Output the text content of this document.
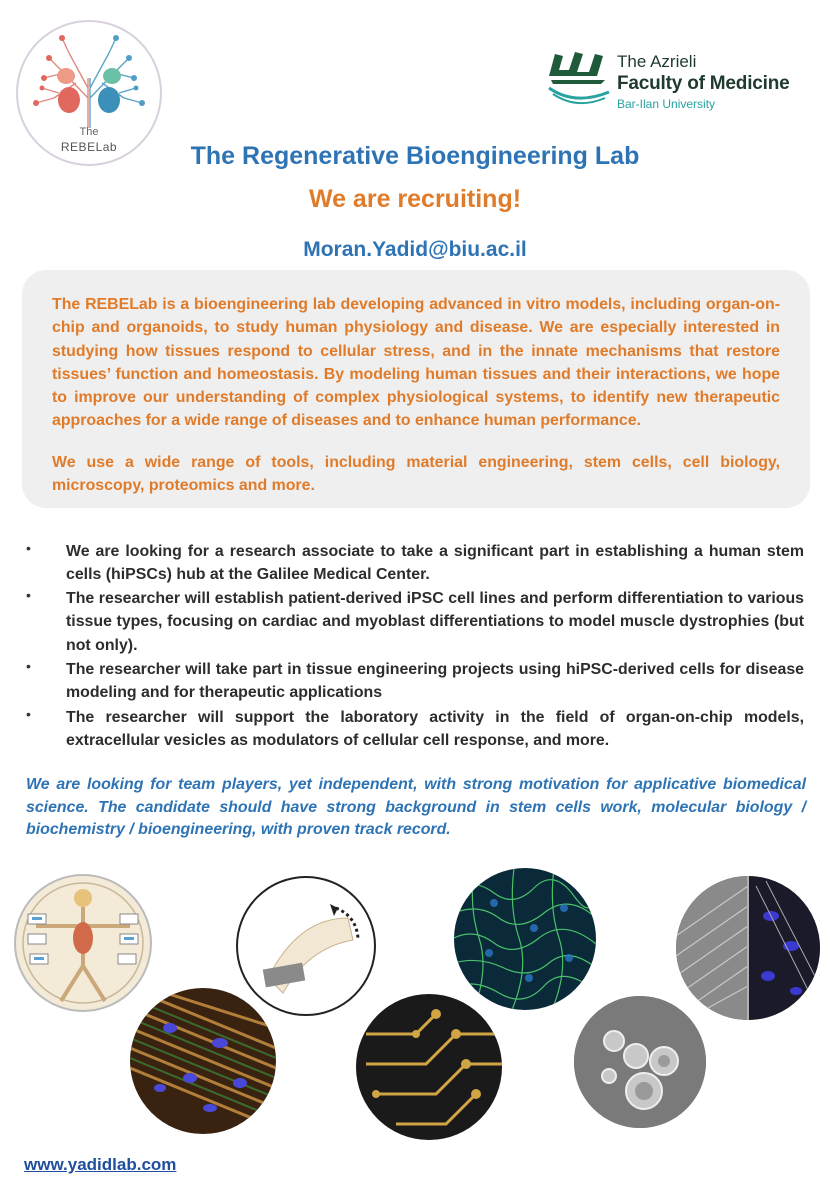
The
REBELab
The Azrieli
Faculty of Medicine
Bar-Ilan University
The Regenerative Bioengineering Lab
We are recruiting!
Moran.Yadid@biu.ac.il

The REBELab is a bioengineering lab developing advanced in vitro models, including organ-on-chip and organoids, to study human physiology and disease. We are especially interested in studying how tissues respond to cellular stress, and in the innate mechanisms that restore tissues’ function and homeostasis. By modeling human tissues and their interactions, we hope to improve our understanding of complex physiological systems, to identify new therapeutic approaches for a wide range of diseases and to enhance human performance.

We use a wide range of tools, including material engineering, stem cells, cell biology, microscopy, proteomics and more.

• We are looking for a research associate to take a significant part in establishing a human stem cells (hiPSCs) hub at the Galilee Medical Center.

• The researcher will establish patient-derived iPSC cell lines and perform differentiation to various tissue types, focusing on cardiac and myoblast differentiations to model muscle dystrophies (but not only).

• The researcher will take part in tissue engineering projects using hiPSC-derived cells for disease modeling and for therapeutic applications

• The researcher will support the laboratory activity in the field of organ-on-chip models, extracellular vesicles as modulators of cellular cell response, and more.

We are looking for team players, yet independent, with strong motivation for applicative biomedical science. The candidate should have strong background in stem cells work, molecular biology / biochemistry / bioengineering, with proven track record.

www.yadidlab.com
